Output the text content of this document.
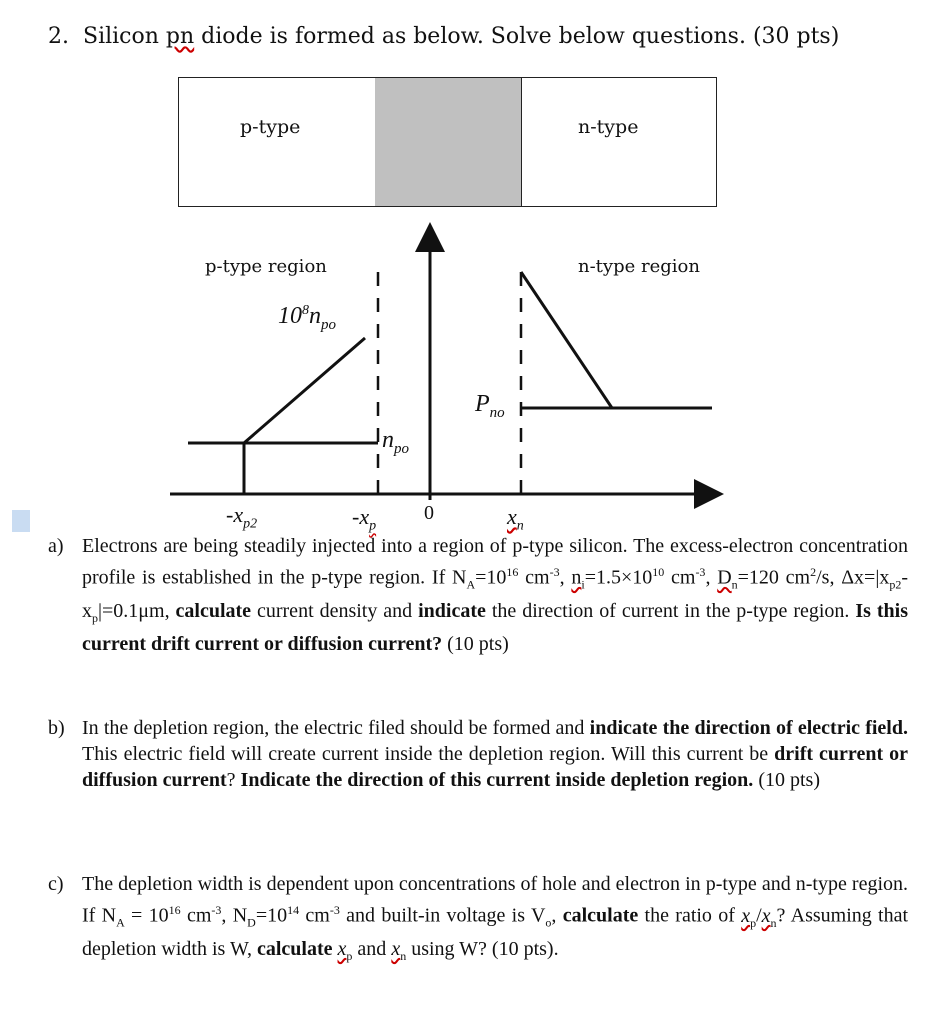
2. Silicon pn diode is formed as below. Solve below questions. (30 pts)
p-type	n-type
p-type region	n-type region
$10^8n_{po}$
$P_{no}$
$n_{po}$
$-x_{p2}$	$-x_p$
0	$x_n$
a) Electrons are being steadily injected into a region of p-type silicon. The excess-electron concentration profile is established in the p-type region. If $N_A=10^{16}$ $cm^{-3}$, $n_i=1.5\times 10^{10}$ $cm^{-3}$, $D_n=120$ $cm^2/s$, $\Delta x=|x_{p2}-x_p|=0.1\mu m$, calculate current density and indicate the direction of current in the p-type region. Is this current drift current or diffusion current? (10 pts)
b) In the depletion region, the electric filed should be formed and indicate the direction of electric field. This electric field will create current inside the depletion region. Will this current be drift current or diffusion current? Indicate the direction of this current inside depletion region. (10 pts)
c) The depletion width is dependent upon concentrations of hole and electron in p-type and n-type region. If $N_A = 10^{16}$ $cm^{-3}$, $N_D=10^{14}$ $cm^{-3}$ and built-in voltage is $V_o$, calculate the ratio of $x_p/x_n$? Assuming that depletion width is W, calculate $x_p$ and $x_n$ using W? (10 pts).
